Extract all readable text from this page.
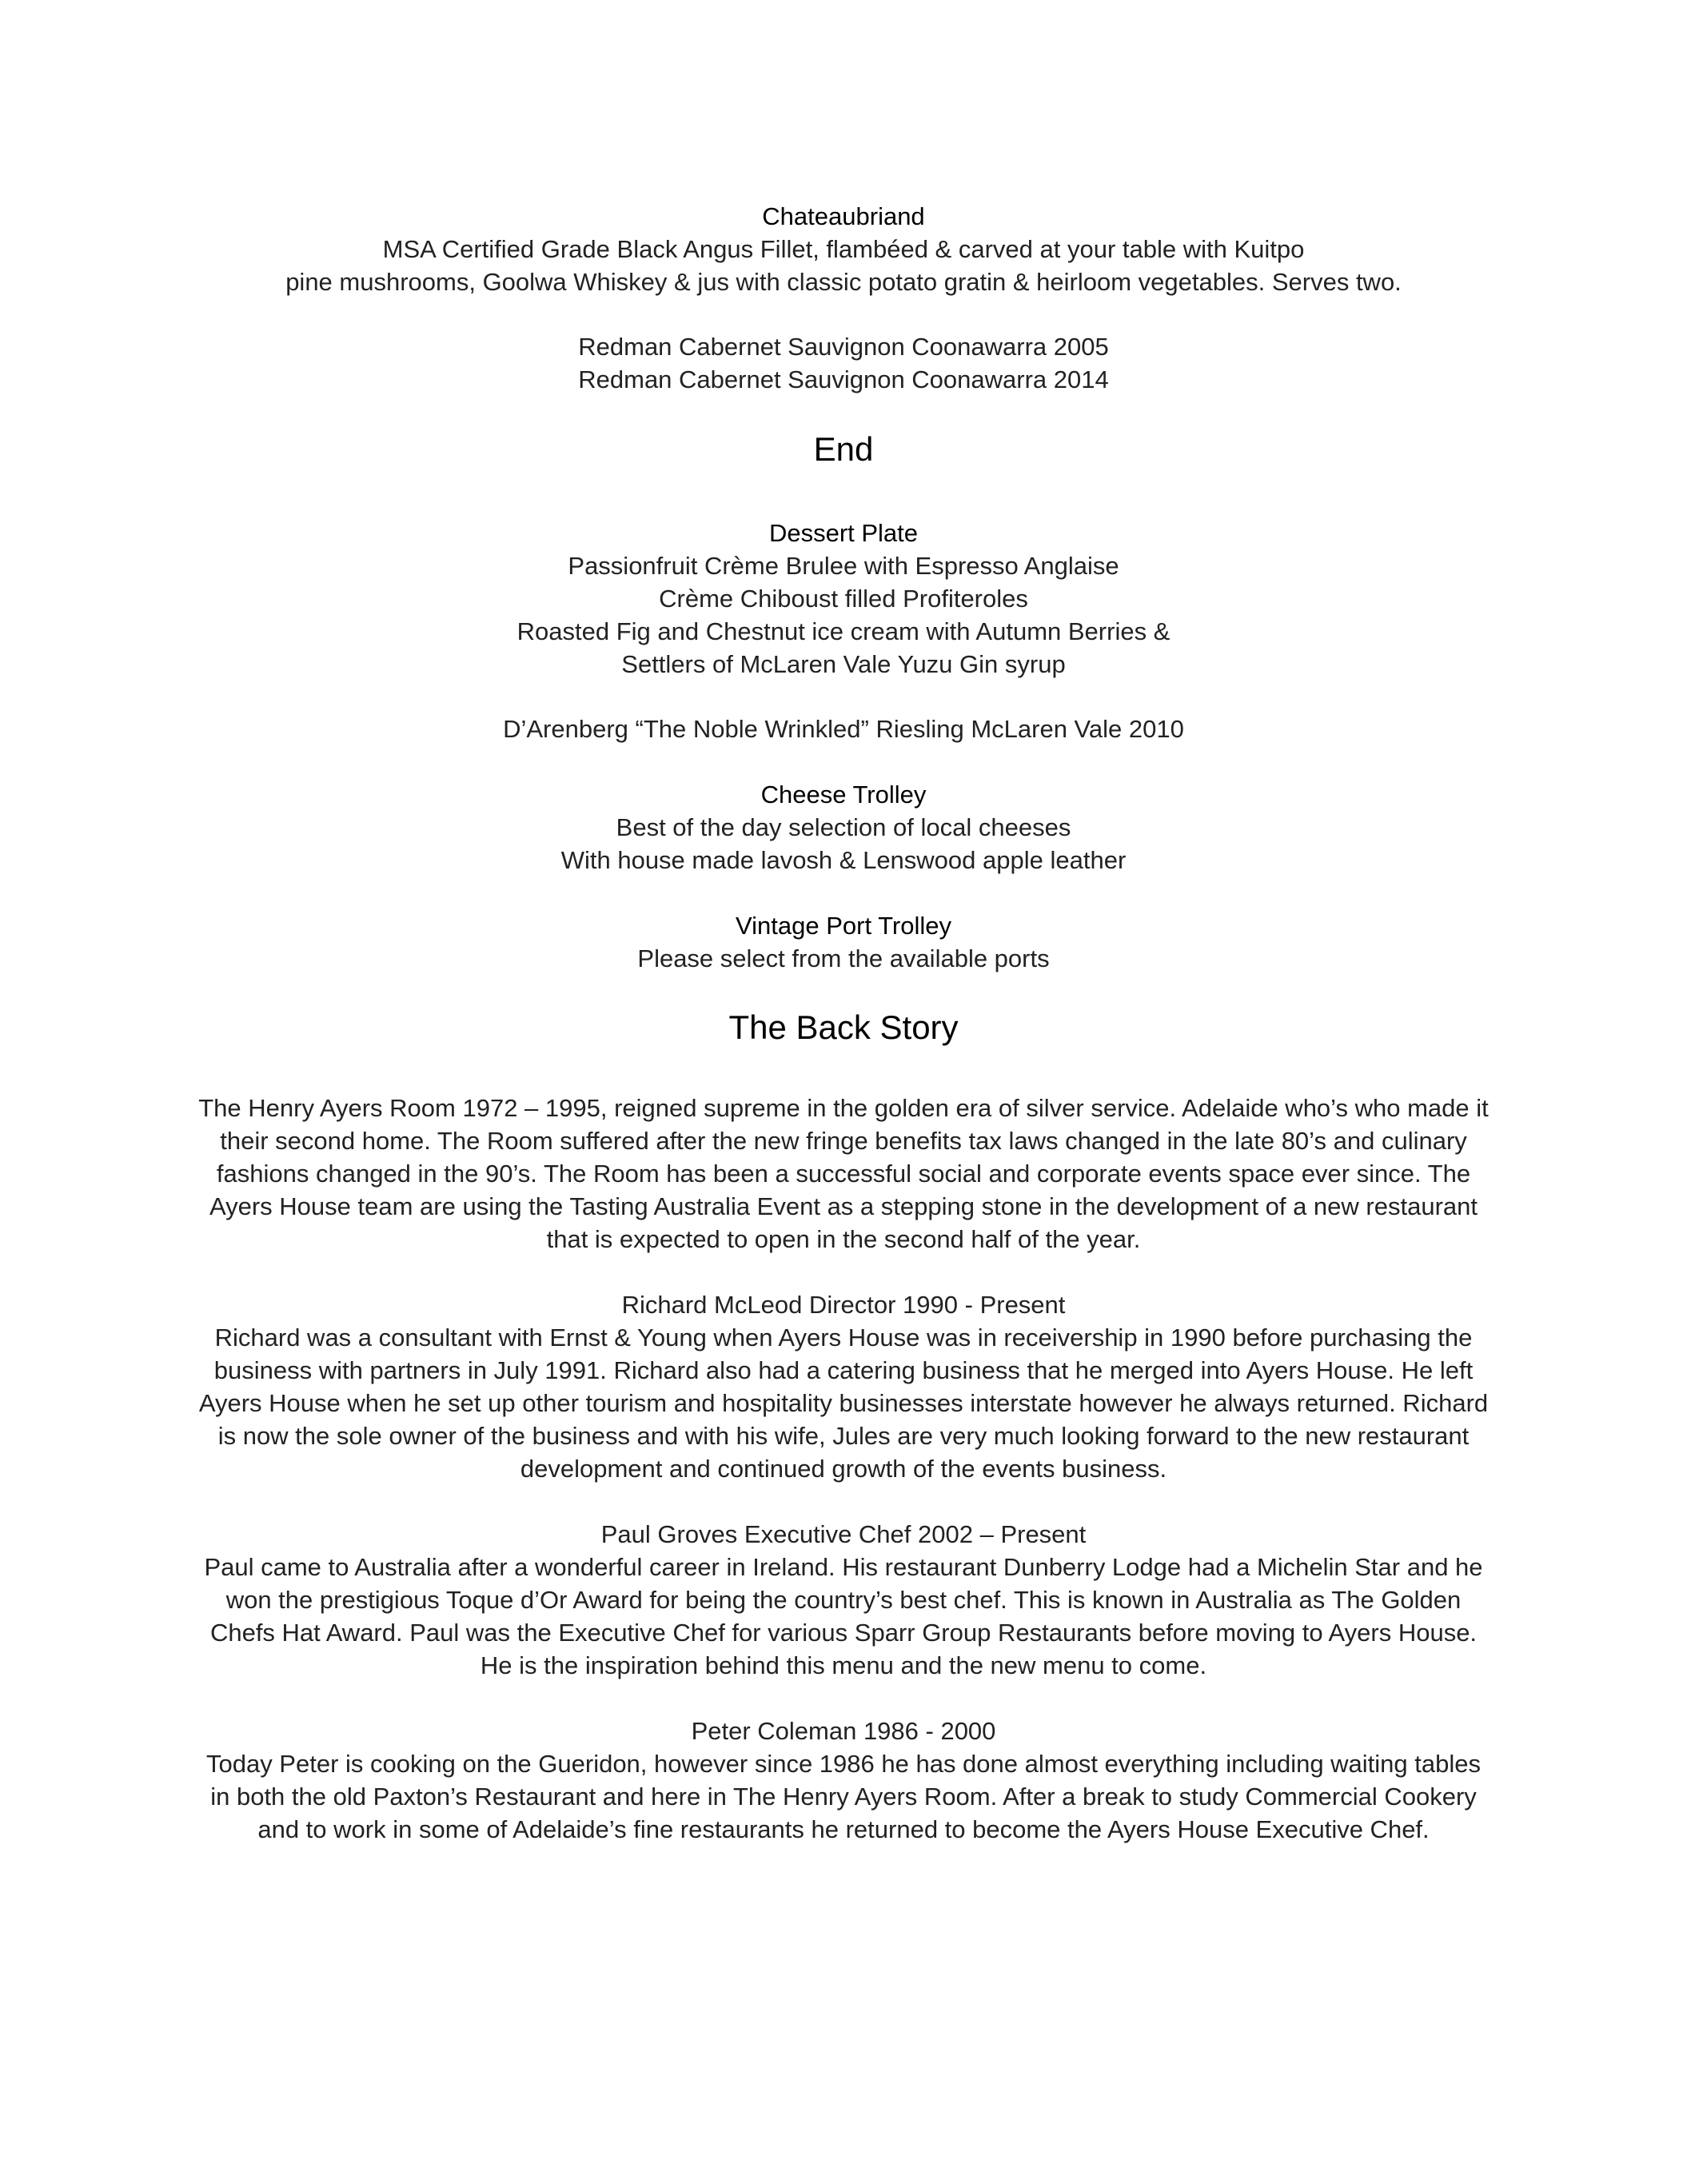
Chateaubriand
MSA Certified Grade Black Angus Fillet, flambéed & carved at your table with Kuitpo
pine mushrooms, Goolwa Whiskey & jus with classic potato gratin & heirloom vegetables. Serves two.
Redman Cabernet Sauvignon Coonawarra 2005
Redman Cabernet Sauvignon Coonawarra 2014
End
Dessert Plate
Passionfruit Crème Brulee with Espresso Anglaise
Crème Chiboust filled Profiteroles
Roasted Fig and Chestnut ice cream with Autumn Berries &
Settlers of McLaren Vale Yuzu Gin syrup
D’Arenberg “The Noble Wrinkled” Riesling McLaren Vale 2010
Cheese Trolley
Best of the day selection of local cheeses
With house made lavosh & Lenswood apple leather
Vintage Port Trolley
Please select from the available ports
The Back Story

The Henry Ayers Room 1972 – 1995, reigned supreme in the golden era of silver service. Adelaide who’s who made it their second home. The Room suffered after the new fringe benefits tax laws changed in the late 80’s and culinary fashions changed in the 90’s. The Room has been a successful social and corporate events space ever since. The Ayers House team are using the Tasting Australia Event as a stepping stone in the development of a new restaurant that is expected to open in the second half of the year.

Richard McLeod Director 1990 - Present

Richard was a consultant with Ernst & Young when Ayers House was in receivership in 1990 before purchasing the business with partners in July 1991. Richard also had a catering business that he merged into Ayers House. He left Ayers House when he set up other tourism and hospitality businesses interstate however he always returned. Richard is now the sole owner of the business and with his wife, Jules are very much looking forward to the new restaurant development and continued growth of the events business.

Paul Groves Executive Chef 2002 – Present

Paul came to Australia after a wonderful career in Ireland. His restaurant Dunberry Lodge had a Michelin Star and he won the prestigious Toque d’Or Award for being the country’s best chef. This is known in Australia as The Golden Chefs Hat Award. Paul was the Executive Chef for various Sparr Group Restaurants before moving to Ayers House. He is the inspiration behind this menu and the new menu to come.

Peter Coleman 1986 - 2000

Today Peter is cooking on the Gueridon, however since 1986 he has done almost everything including waiting tables in both the old Paxton’s Restaurant and here in The Henry Ayers Room. After a break to study Commercial Cookery and to work in some of Adelaide’s fine restaurants he returned to become the Ayers House Executive Chef.
